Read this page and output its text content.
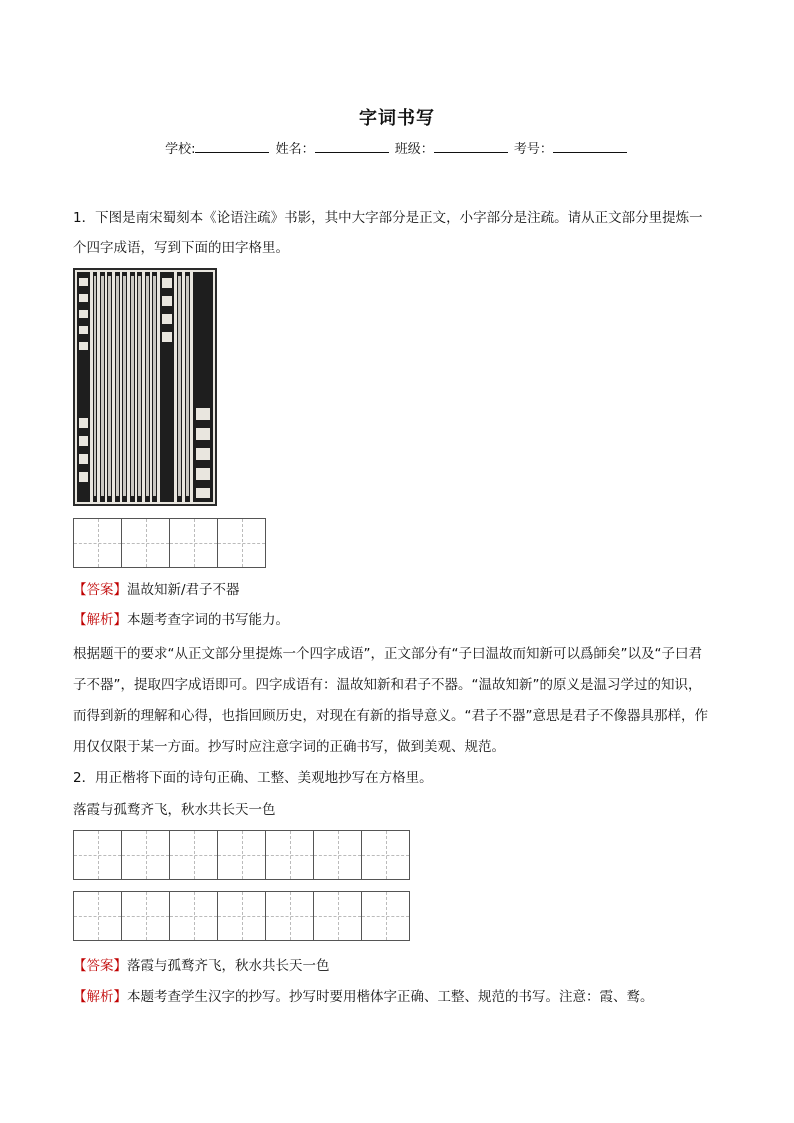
字词书写
学校:	姓名：	班级：	考号：
1．下图是南宋蜀刻本《论语注疏》书影，其中大字部分是正文，小字部分是注疏。请从正文部分里提炼一
个四字成语，写到下面的田字格里。
【答案】温故知新/君子不器
【解析】本题考查字词的书写能力。
根据题干的要求“从正文部分里提炼一个四字成语”，正文部分有“子曰温故而知新可以爲師矣”以及“子曰君
子不器”，提取四字成语即可。四字成语有：温故知新和君子不器。“温故知新”的原义是温习学过的知识，
而得到新的理解和心得，也指回顾历史，对现在有新的指导意义。“君子不器”意思是君子不像器具那样，作
用仅仅限于某一方面。抄写时应注意字词的正确书写，做到美观、规范。
2．用正楷将下面的诗句正确、工整、美观地抄写在方格里。
落霞与孤鹜齐飞，秋水共长天一色
【答案】落霞与孤鹜齐飞，秋水共长天一色
【解析】本题考查学生汉字的抄写。抄写时要用楷体字正确、工整、规范的书写。注意：霞、鹜。
